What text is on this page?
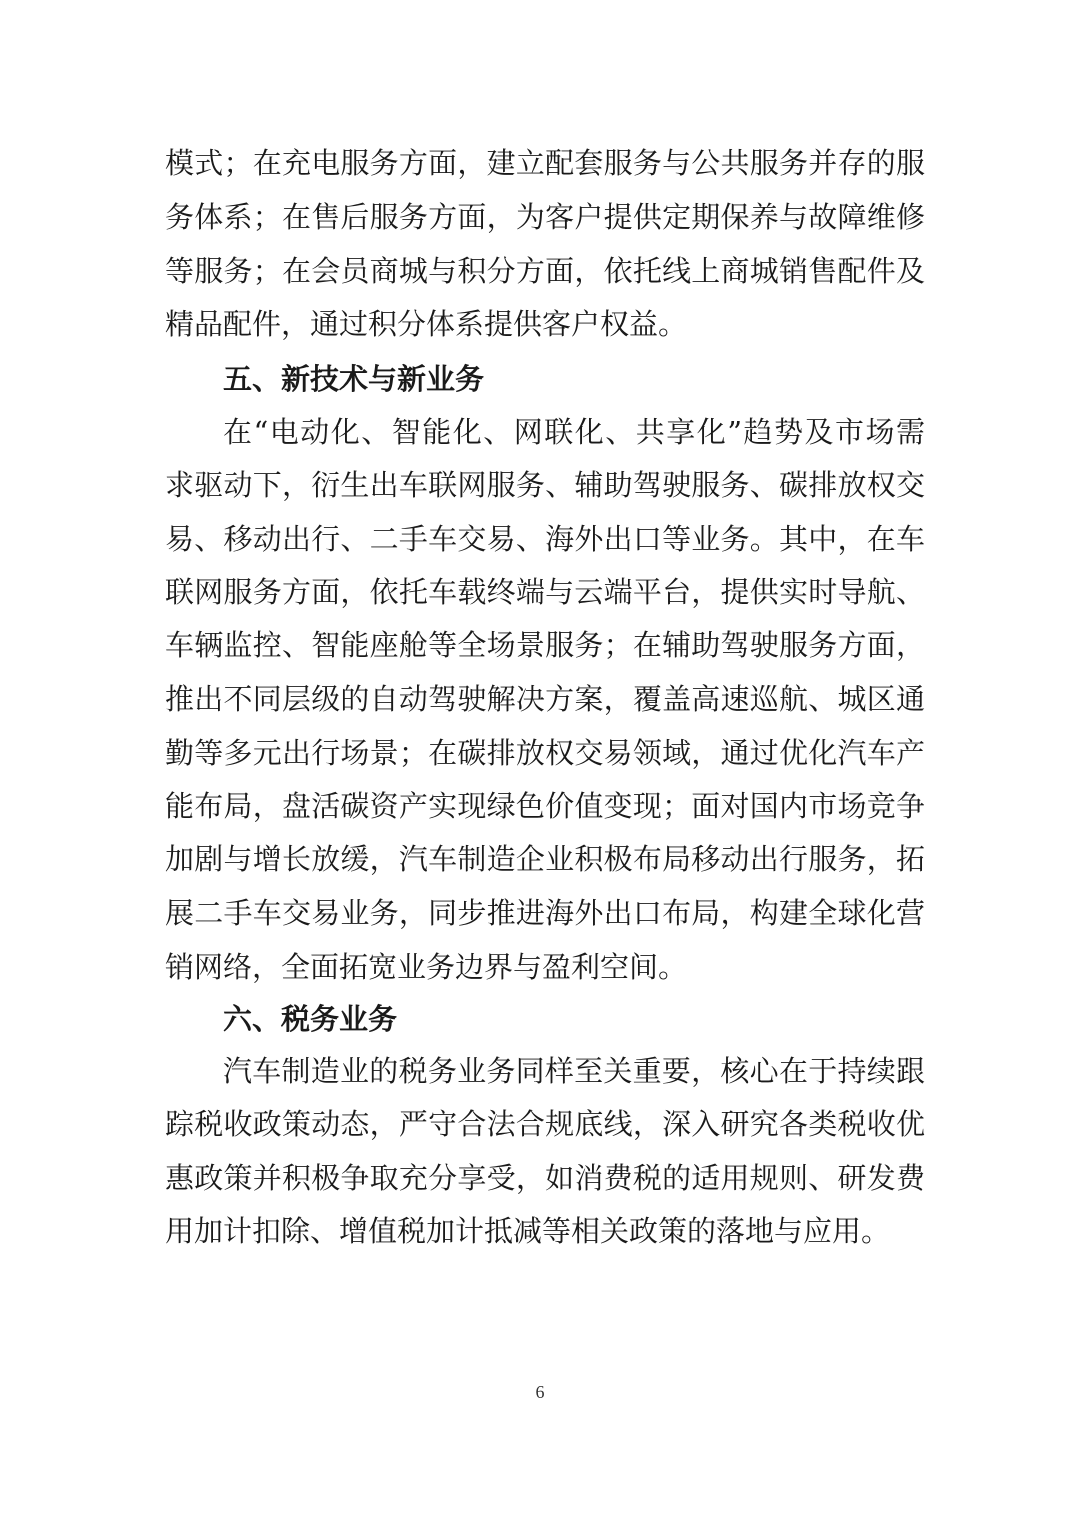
模式；在充电服务方面，建立配套服务与公共服务并存的服
务体系；在售后服务方面，为客户提供定期保养与故障维修
等服务；在会员商城与积分方面，依托线上商城销售配件及
精品配件，通过积分体系提供客户权益。
五、新技术与新业务
在“电动化、智能化、网联化、共享化”趋势及市场需
求驱动下，衍生出车联网服务、辅助驾驶服务、碳排放权交
易、移动出行、二手车交易、海外出口等业务。其中，在车
联网服务方面，依托车载终端与云端平台，提供实时导航、
车辆监控、智能座舱等全场景服务；在辅助驾驶服务方面，
推出不同层级的自动驾驶解决方案，覆盖高速巡航、城区通
勤等多元出行场景；在碳排放权交易领域，通过优化汽车产
能布局，盘活碳资产实现绿色价值变现；面对国内市场竞争
加剧与增长放缓，汽车制造企业积极布局移动出行服务，拓
展二手车交易业务，同步推进海外出口布局，构建全球化营
销网络，全面拓宽业务边界与盈利空间。
六、税务业务
汽车制造业的税务业务同样至关重要，核心在于持续跟
踪税收政策动态，严守合法合规底线，深入研究各类税收优
惠政策并积极争取充分享受，如消费税的适用规则、研发费
用加计扣除、增值税加计抵减等相关政策的落地与应用。
6
